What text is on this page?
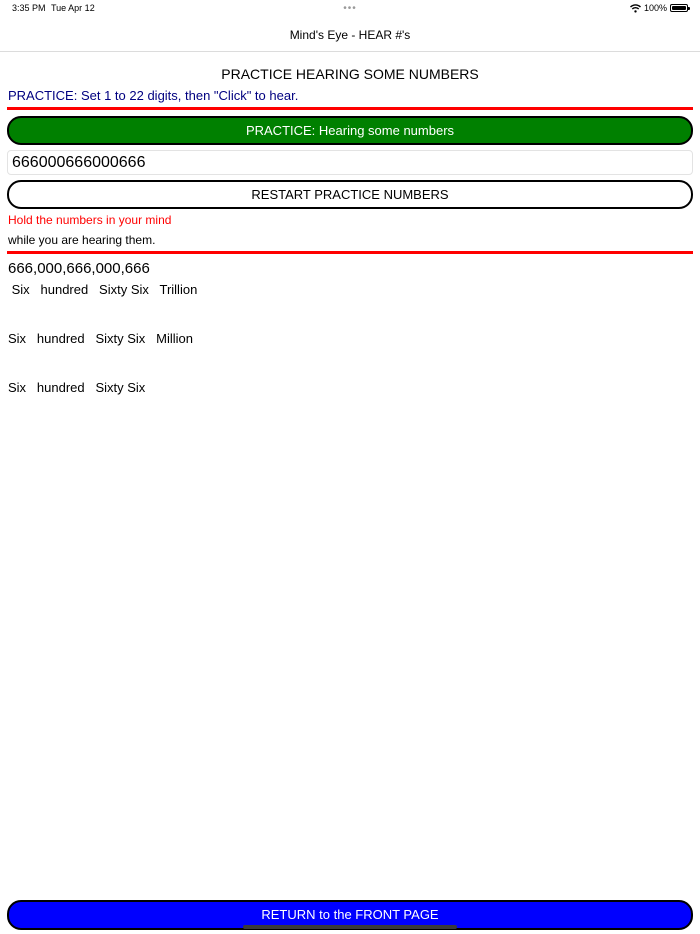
3:35 PM Tue Apr 12	•••	100%
Mind's Eye - HEAR #'s
PRACTICE HEARING SOME NUMBERS
PRACTICE: Set 1 to 22 digits, then "Click" to hear.
PRACTICE: Hearing some numbers
666000666000666
RESTART PRACTICE NUMBERS
Hold the numbers in your mind
while you are hearing them.
666,000,666,000,666
Six   hundred   Sixty Six   Trillion
Six   hundred   Sixty Six   Million
Six   hundred   Sixty Six
RETURN to the FRONT PAGE
